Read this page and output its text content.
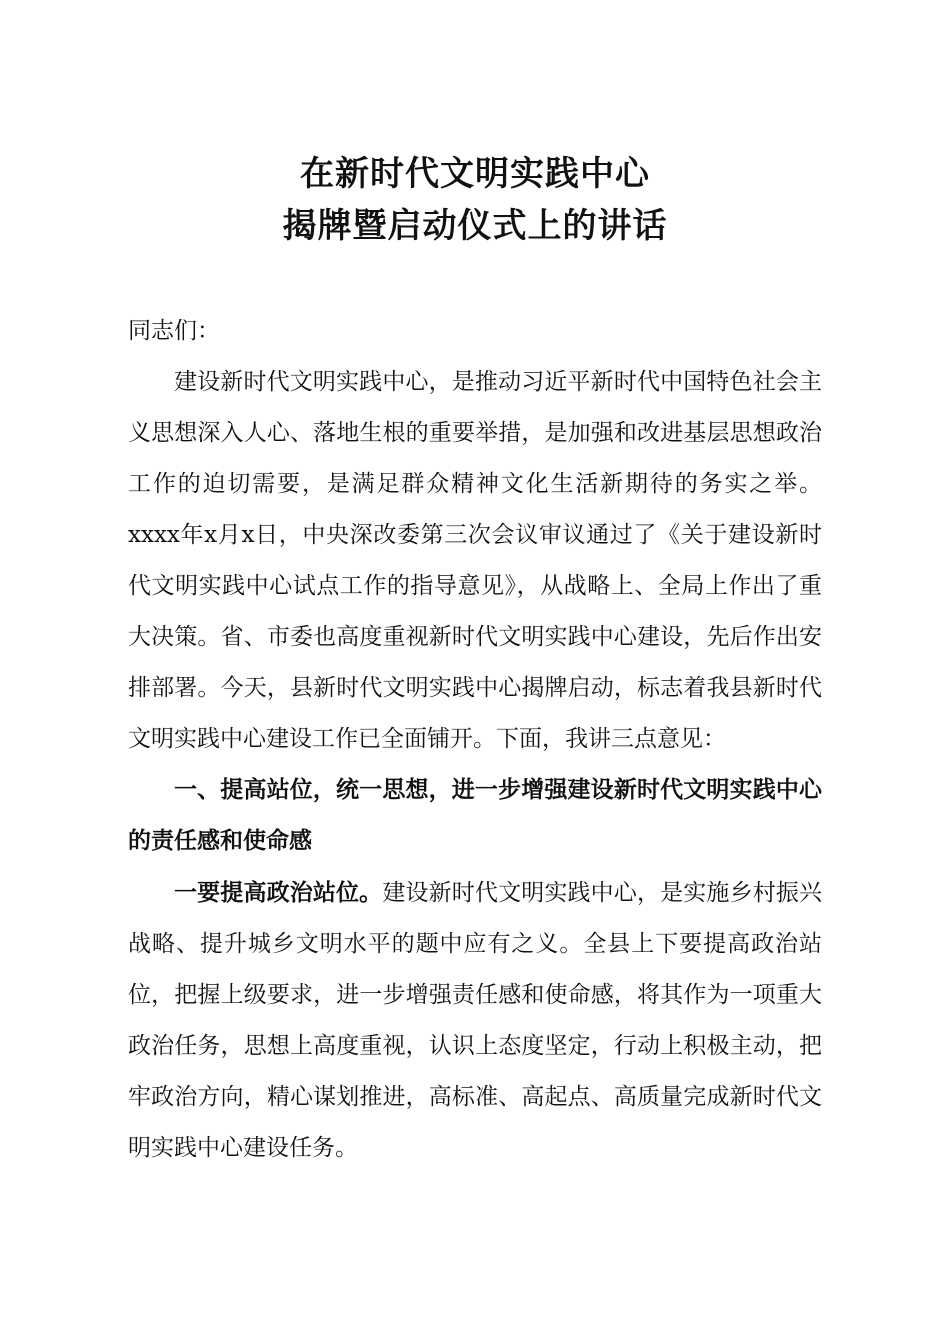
在新时代文明实践中心
揭牌暨启动仪式上的讲话

同志们：

建设新时代文明实践中心，是推动习近平新时代中国特色社会主义思想深入人心、落地生根的重要举措，是加强和改进基层思想政治工作的迫切需要，是满足群众精神文化生活新期待的务实之举。xxxx年x月x日，中央深改委第三次会议审议通过了《关于建设新时代文明实践中心试点工作的指导意见》，从战略上、全局上作出了重大决策。省、市委也高度重视新时代文明实践中心建设，先后作出安排部署。今天，县新时代文明实践中心揭牌启动，标志着我县新时代文明实践中心建设工作已全面铺开。下面，我讲三点意见：

一、提高站位，统一思想，进一步增强建设新时代文明实践中心的责任感和使命感

一要提高政治站位。建设新时代文明实践中心，是实施乡村振兴战略、提升城乡文明水平的题中应有之义。全县上下要提高政治站位，把握上级要求，进一步增强责任感和使命感，将其作为一项重大政治任务，思想上高度重视，认识上态度坚定，行动上积极主动，把牢政治方向，精心谋划推进，高标准、高起点、高质量完成新时代文明实践中心建设任务。
